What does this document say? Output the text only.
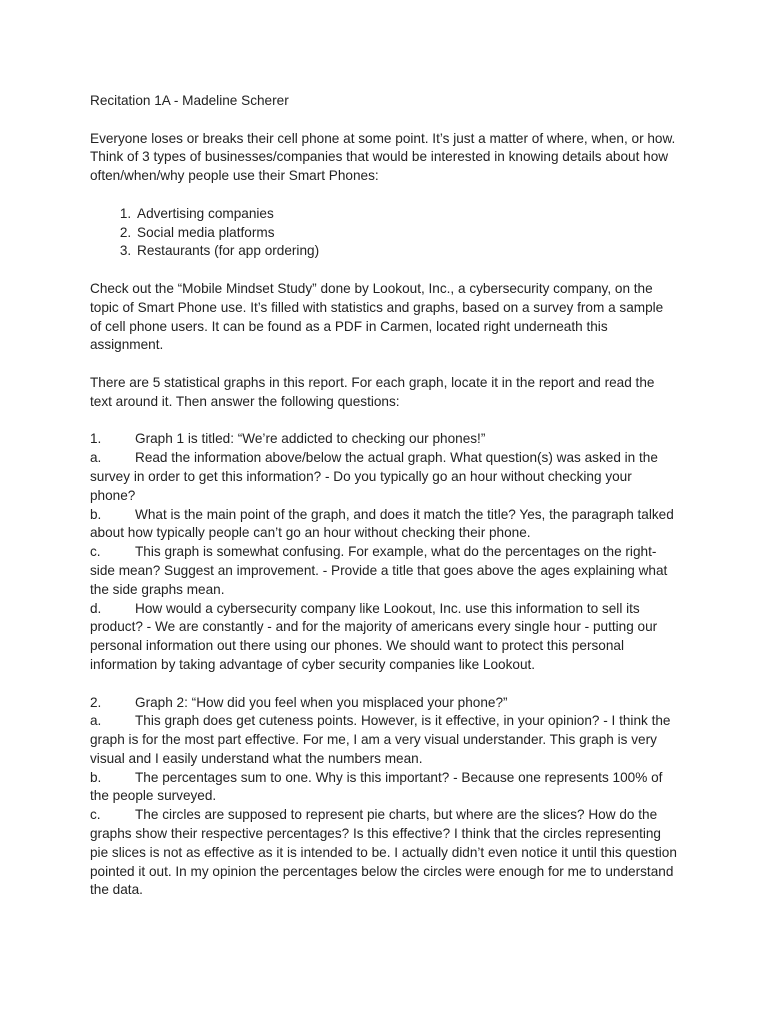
Recitation 1A - Madeline Scherer

Everyone loses or breaks their cell phone at some point. It’s just a matter of where, when, or how. Think of 3 types of businesses/companies that would be interested in knowing details about how often/when/why people use their Smart Phones:

1. Advertising companies
2. Social media platforms
3. Restaurants (for app ordering)

Check out the “Mobile Mindset Study” done by Lookout, Inc., a cybersecurity company, on the topic of Smart Phone use. It’s filled with statistics and graphs, based on a survey from a sample of cell phone users. It can be found as a PDF in Carmen, located right underneath this assignment.

There are 5 statistical graphs in this report. For each graph, locate it in the report and read the text around it. Then answer the following questions:

1. Graph 1 is titled: “We’re addicted to checking our phones!”

a. Read the information above/below the actual graph. What question(s) was asked in the survey in order to get this information? - Do you typically go an hour without checking your phone?

b. What is the main point of the graph, and does it match the title? Yes, the paragraph talked about how typically people can’t go an hour without checking their phone.

c.	This graph is somewhat confusing. For example, what do the percentages on the right-side mean? Suggest an improvement. - Provide a title that goes above the ages explaining what the side graphs mean.

d. How would a cybersecurity company like Lookout, Inc. use this information to sell its product? - We are constantly - and for the majority of americans every single hour - putting our personal information out there using our phones. We should want to protect this personal information by taking advantage of cyber security companies like Lookout.

2. Graph 2: “How did you feel when you misplaced your phone?”

a. This graph does get cuteness points. However, is it effective, in your opinion? - I think the graph is for the most part effective. For me, I am a very visual understander. This graph is very visual and I easily understand what the numbers mean.

b. The percentages sum to one. Why is this important? - Because one represents 100% of the people surveyed.

c.	The circles are supposed to represent pie charts, but where are the slices? How do the graphs show their respective percentages? Is this effective? I think that the circles representing pie slices is not as effective as it is intended to be. I actually didn’t even notice it until this question pointed it out. In my opinion the percentages below the circles were enough for me to understand the data.
